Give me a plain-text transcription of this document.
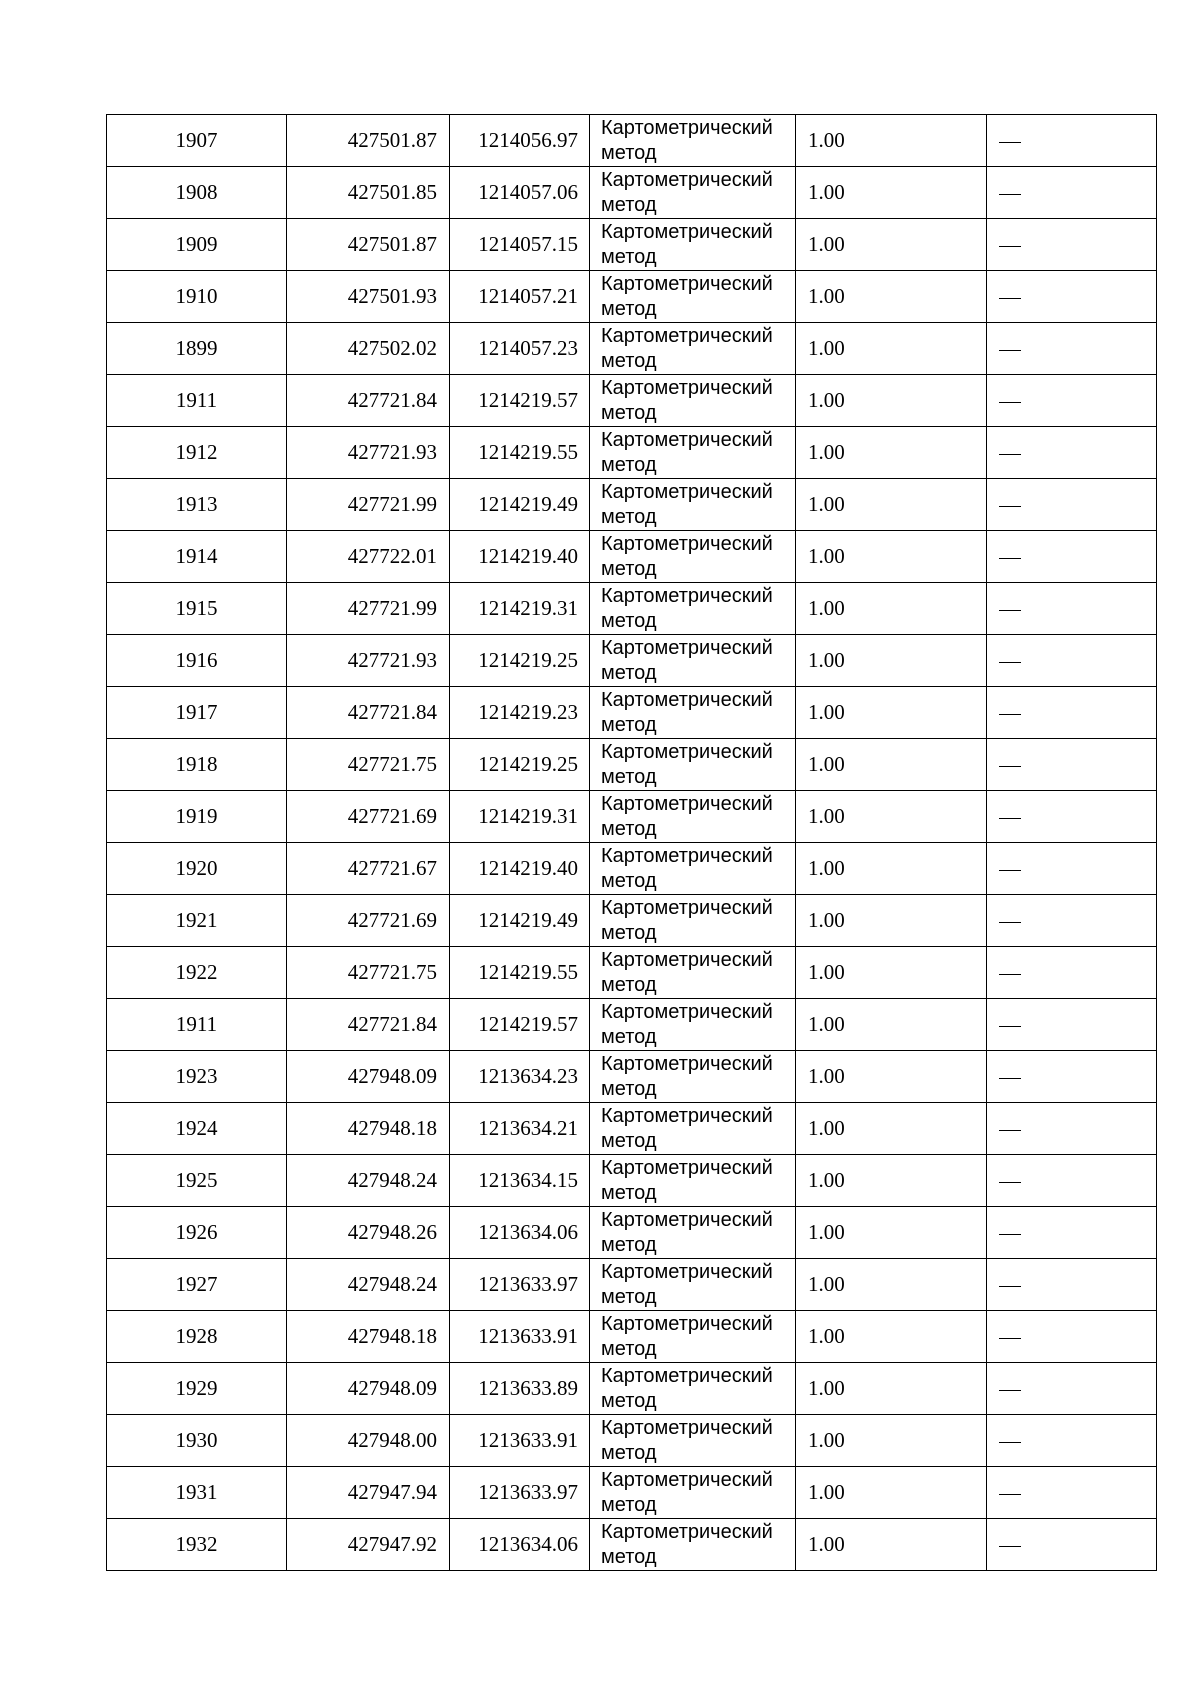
1907	427501.87	1214056.97	Картометрический метод	1.00	
1908	427501.85	1214057.06	Картометрический метод	1.00	
1909	427501.87	1214057.15	Картометрический метод	1.00	
1910	427501.93	1214057.21	Картометрический метод	1.00	
1899	427502.02	1214057.23	Картометрический метод	1.00	
1911	427721.84	1214219.57	Картометрический метод	1.00	
1912	427721.93	1214219.55	Картометрический метод	1.00	
1913	427721.99	1214219.49	Картометрический метод	1.00	
1914	427722.01	1214219.40	Картометрический метод	1.00	
1915	427721.99	1214219.31	Картометрический метод	1.00	
1916	427721.93	1214219.25	Картометрический метод	1.00	
1917	427721.84	1214219.23	Картометрический метод	1.00	
1918	427721.75	1214219.25	Картометрический метод	1.00	
1919	427721.69	1214219.31	Картометрический метод	1.00	
1920	427721.67	1214219.40	Картометрический метод	1.00	
1921	427721.69	1214219.49	Картометрический метод	1.00	
1922	427721.75	1214219.55	Картометрический метод	1.00	
1911	427721.84	1214219.57	Картометрический метод	1.00	
1923	427948.09	1213634.23	Картометрический метод	1.00	
1924	427948.18	1213634.21	Картометрический метод	1.00	
1925	427948.24	1213634.15	Картометрический метод	1.00	
1926	427948.26	1213634.06	Картометрический метод	1.00	
1927	427948.24	1213633.97	Картометрический метод	1.00	
1928	427948.18	1213633.91	Картометрический метод	1.00	
1929	427948.09	1213633.89	Картометрический метод	1.00	
1930	427948.00	1213633.91	Картометрический метод	1.00	
1931	427947.94	1213633.97	Картометрический метод	1.00	
1932	427947.92	1213634.06	Картометрический метод	1.00	
